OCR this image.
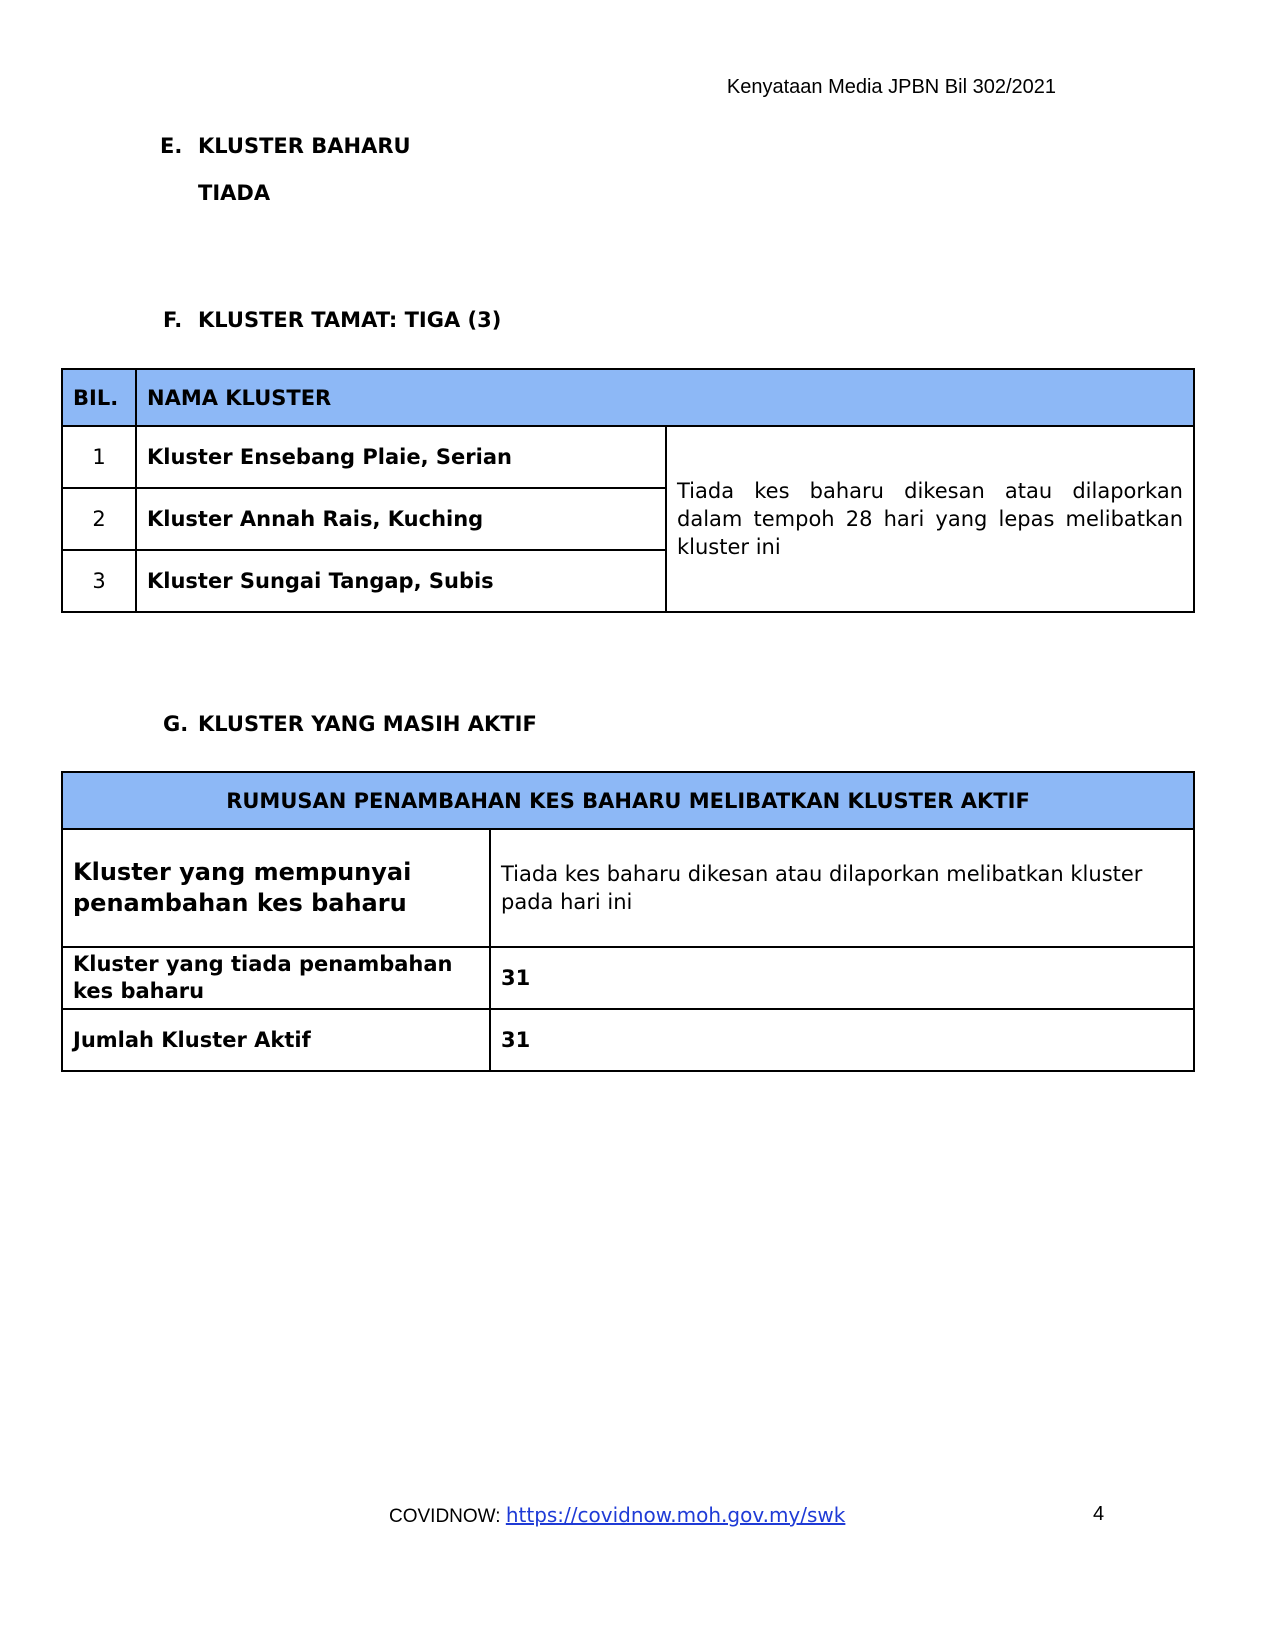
Kenyataan Media JPBN Bil 302/2021
E. KLUSTER BAHARU
TIADA
F. KLUSTER TAMAT: TIGA (3)
BIL.	NAMA KLUSTER	
1	Kluster Ensebang Plaie, Serian	Tiada kes baharu dikesan atau dilaporkan dalam tempoh 28 hari yang lepas melibatkan kluster ini
2	Kluster Annah Rais, Kuching	
3	Kluster Sungai Tangap, Subis	
G. KLUSTER YANG MASIH AKTIF
RUMUSAN PENAMBAHAN KES BAHARU MELIBATKAN KLUSTER AKTIF	
Kluster yang mempunyai penambahan kes baharu	Tiada kes baharu dikesan atau dilaporkan melibatkan kluster pada hari ini
Kluster yang tiada penambahan kes baharu	31
Jumlah Kluster Aktif	31
COVIDNOW: https://covidnow.moh.gov.my/swk	4
